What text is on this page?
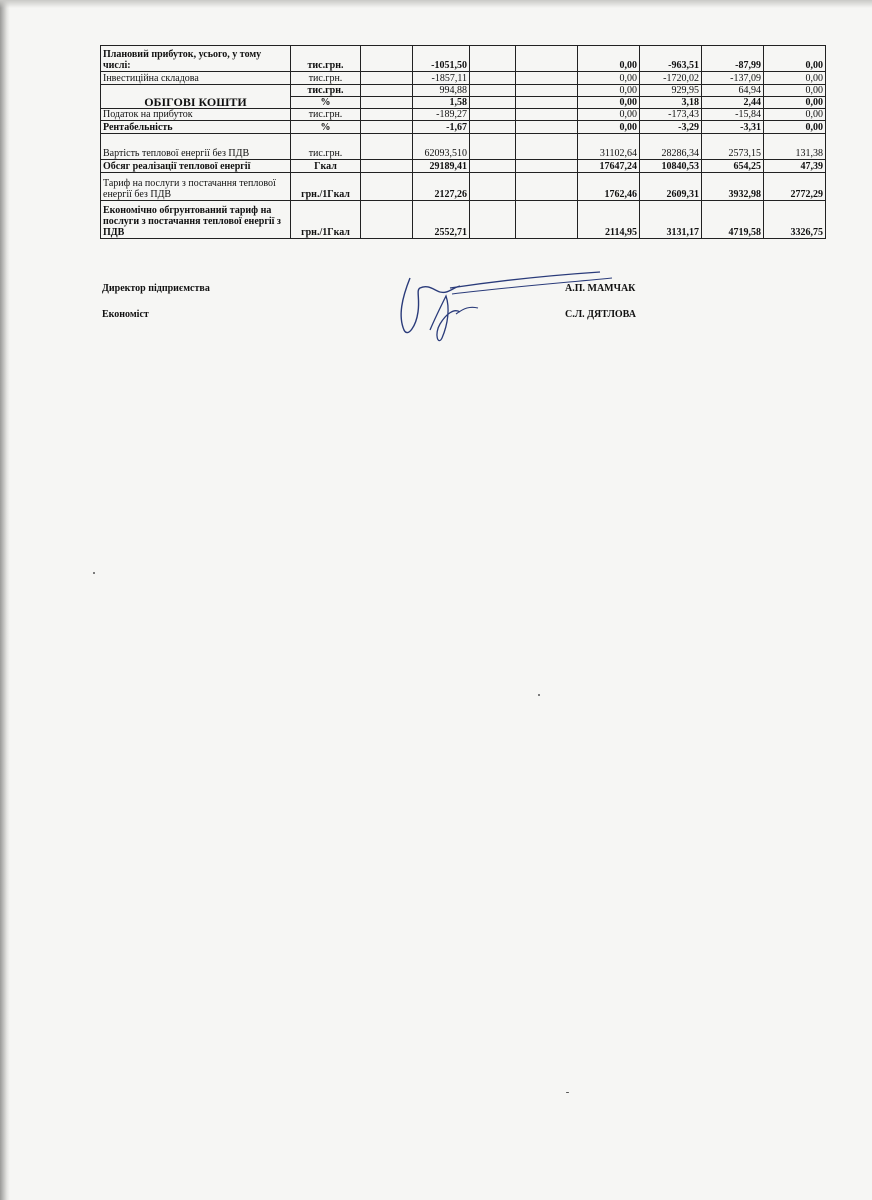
Плановий прибуток, усього, у тому числі:	тис.грн.		-1051,50			0,00	-963,51	-87,99	0,00
Інвестиційна складова	тис.грн.		-1857,11			0,00	-1720,02	-137,09	0,00
ОБІГОВІ КОШТИ	тис.грн.		994,88			0,00	929,95	64,94	0,00
	%		1,58			0,00	3,18	2,44	0,00
Податок на прибуток	тис.грн.		-189,27			0,00	-173,43	-15,84	0,00
Рентабельність	%		-1,67			0,00	-3,29	-3,31	0,00
Вартість теплової енергії без ПДВ	тис.грн.		62093,510			31102,64	28286,34	2573,15	131,38
Обсяг реалізації теплової енергії	Гкал		29189,41			17647,24	10840,53	654,25	47,39
Тариф на послуги з постачання теплової енергії без ПДВ	грн./1Гкал		2127,26			1762,46	2609,31	3932,98	2772,29
Економічно обгрунтований тариф на послуги з постачання теплової енергії з ПДВ	грн./1Гкал		2552,71			2114,95	3131,17	4719,58	3326,75
Директор підприємства	А.П. МАМЧАК
Економіст	С.Л. ДЯТЛОВА
